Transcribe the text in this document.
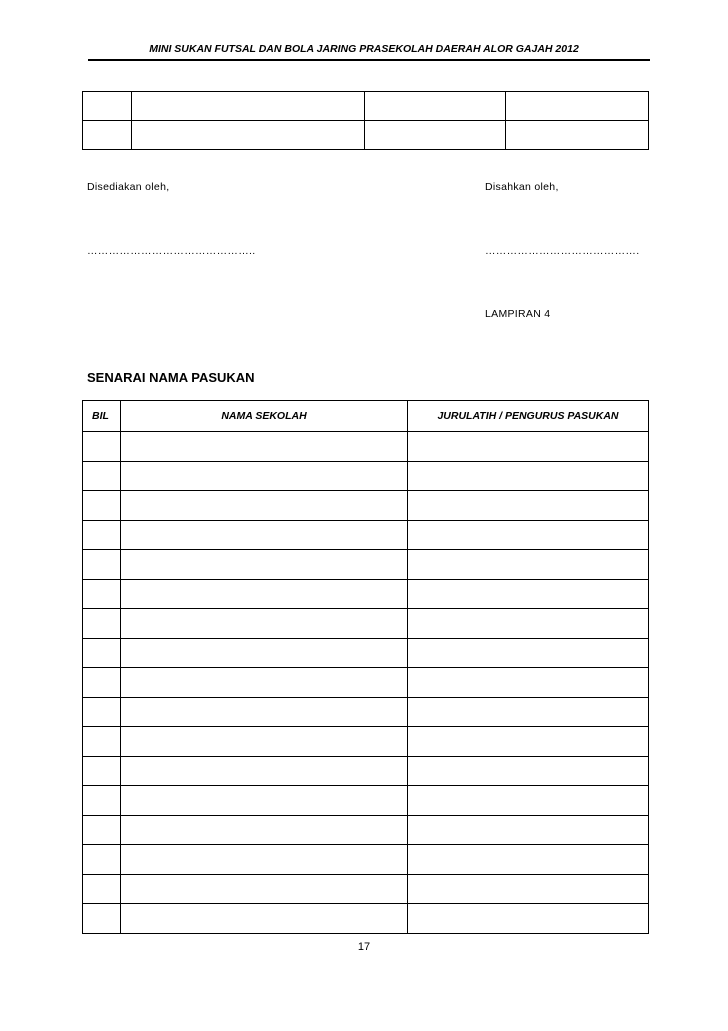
MINI SUKAN FUTSAL DAN BOLA JARING PRASEKOLAH DAERAH ALOR GAJAH 2012

Disediakan oleh,	Disahkan oleh,
………………………………………..	…………………………………….
LAMPIRAN 4
SENARAI NAMA PASUKAN
BIL	NAMA SEKOLAH	JURULATIH / PENGURUS PASUKAN

17
